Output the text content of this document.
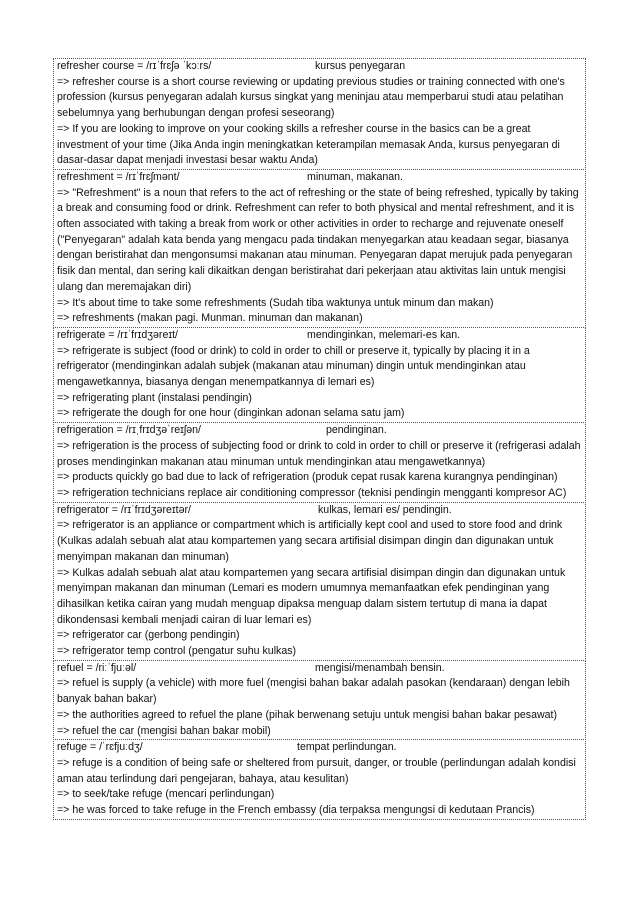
refresher course = /rɪˈfrɛʃə ˈkɔːrs/	kursus penyegaran
=> refresher course is a short course reviewing or updating previous studies or training connected with one's profession (kursus penyegaran adalah kursus singkat yang meninjau atau memperbarui studi atau pelatihan sebelumnya yang berhubungan dengan profesi seseorang)
=> If you are looking to improve on your cooking skills a refresher course in the basics can be a great investment of your time (Jika Anda ingin meningkatkan keterampilan memasak Anda, kursus penyegaran di dasar-dasar dapat menjadi investasi besar waktu Anda)
refreshment = /rɪˈfrɛʃmənt/	minuman, makanan.
=> "Refreshment" is a noun that refers to the act of refreshing or the state of being refreshed, typically by taking a break and consuming food or drink. Refreshment can refer to both physical and mental refreshment, and it is often associated with taking a break from work or other activities in order to recharge and rejuvenate oneself ("Penyegaran" adalah kata benda yang mengacu pada tindakan menyegarkan atau keadaan segar, biasanya dengan beristirahat dan mengonsumsi makanan atau minuman. Penyegaran dapat merujuk pada penyegaran fisik dan mental, dan sering kali dikaitkan dengan beristirahat dari pekerjaan atau aktivitas lain untuk mengisi ulang dan meremajakan diri)
=> It's about time to take some refreshments (Sudah tiba waktunya untuk minum dan makan)
=> refreshments (makan pagi. Munman. minuman dan makanan)
refrigerate = /rɪˈfrɪdʒəreɪt/	mendinginkan, melemari-es kan.
=> refrigerate is subject (food or drink) to cold in order to chill or preserve it, typically by placing it in a refrigerator (mendinginkan adalah subjek (makanan atau minuman) dingin untuk mendinginkan atau mengawetkannya, biasanya dengan menempatkannya di lemari es)
=> refrigerating plant (instalasi pendingin)
=> refrigerate the dough for one hour (dinginkan adonan selama satu jam)
refrigeration = /rɪˌfrɪdʒəˈreɪʃən/	pendinginan.
=> refrigeration is the process of subjecting food or drink to cold in order to chill or preserve it (refrigerasi adalah proses mendinginkan makanan atau minuman untuk mendinginkan atau mengawetkannya)
=> products quickly go bad due to lack of refrigeration (produk cepat rusak karena kurangnya pendinginan)
=> refrigeration technicians replace air conditioning compressor (teknisi pendingin mengganti kompresor AC)
refrigerator = /rɪˈfrɪdʒəreɪtər/	kulkas, lemari es/ pendingin.
=> refrigerator is an appliance or compartment which is artificially kept cool and used to store food and drink (Kulkas adalah sebuah alat atau kompartemen yang secara artifisial disimpan dingin dan digunakan untuk menyimpan makanan dan minuman)
=> Kulkas adalah sebuah alat atau kompartemen yang secara artifisial disimpan dingin dan digunakan untuk menyimpan makanan dan minuman (Lemari es modern umumnya memanfaatkan efek pendinginan yang dihasilkan ketika cairan yang mudah menguap dipaksa menguap dalam sistem tertutup di mana ia dapat dikondensasi kembali menjadi cairan di luar lemari es)
=> refrigerator car (gerbong pendingin)
=> refrigerator temp control (pengatur suhu kulkas)
refuel = /riːˈfjuːəl/	mengisi/menambah bensin.
=> refuel is supply (a vehicle) with more fuel (mengisi bahan bakar adalah pasokan (kendaraan) dengan lebih banyak bahan bakar)
=> the authorities agreed to refuel the plane (pihak berwenang setuju untuk mengisi bahan bakar pesawat)
=> refuel the car (mengisi bahan bakar mobil)
refuge = /ˈrɛfjuːdʒ/	tempat perlindungan.
=> refuge is a condition of being safe or sheltered from pursuit, danger, or trouble (perlindungan adalah kondisi aman atau terlindung dari pengejaran, bahaya, atau kesulitan)
=> to seek/take refuge (mencari perlindungan)
=> he was forced to take refuge in the French embassy (dia terpaksa mengungsi di kedutaan Prancis)
